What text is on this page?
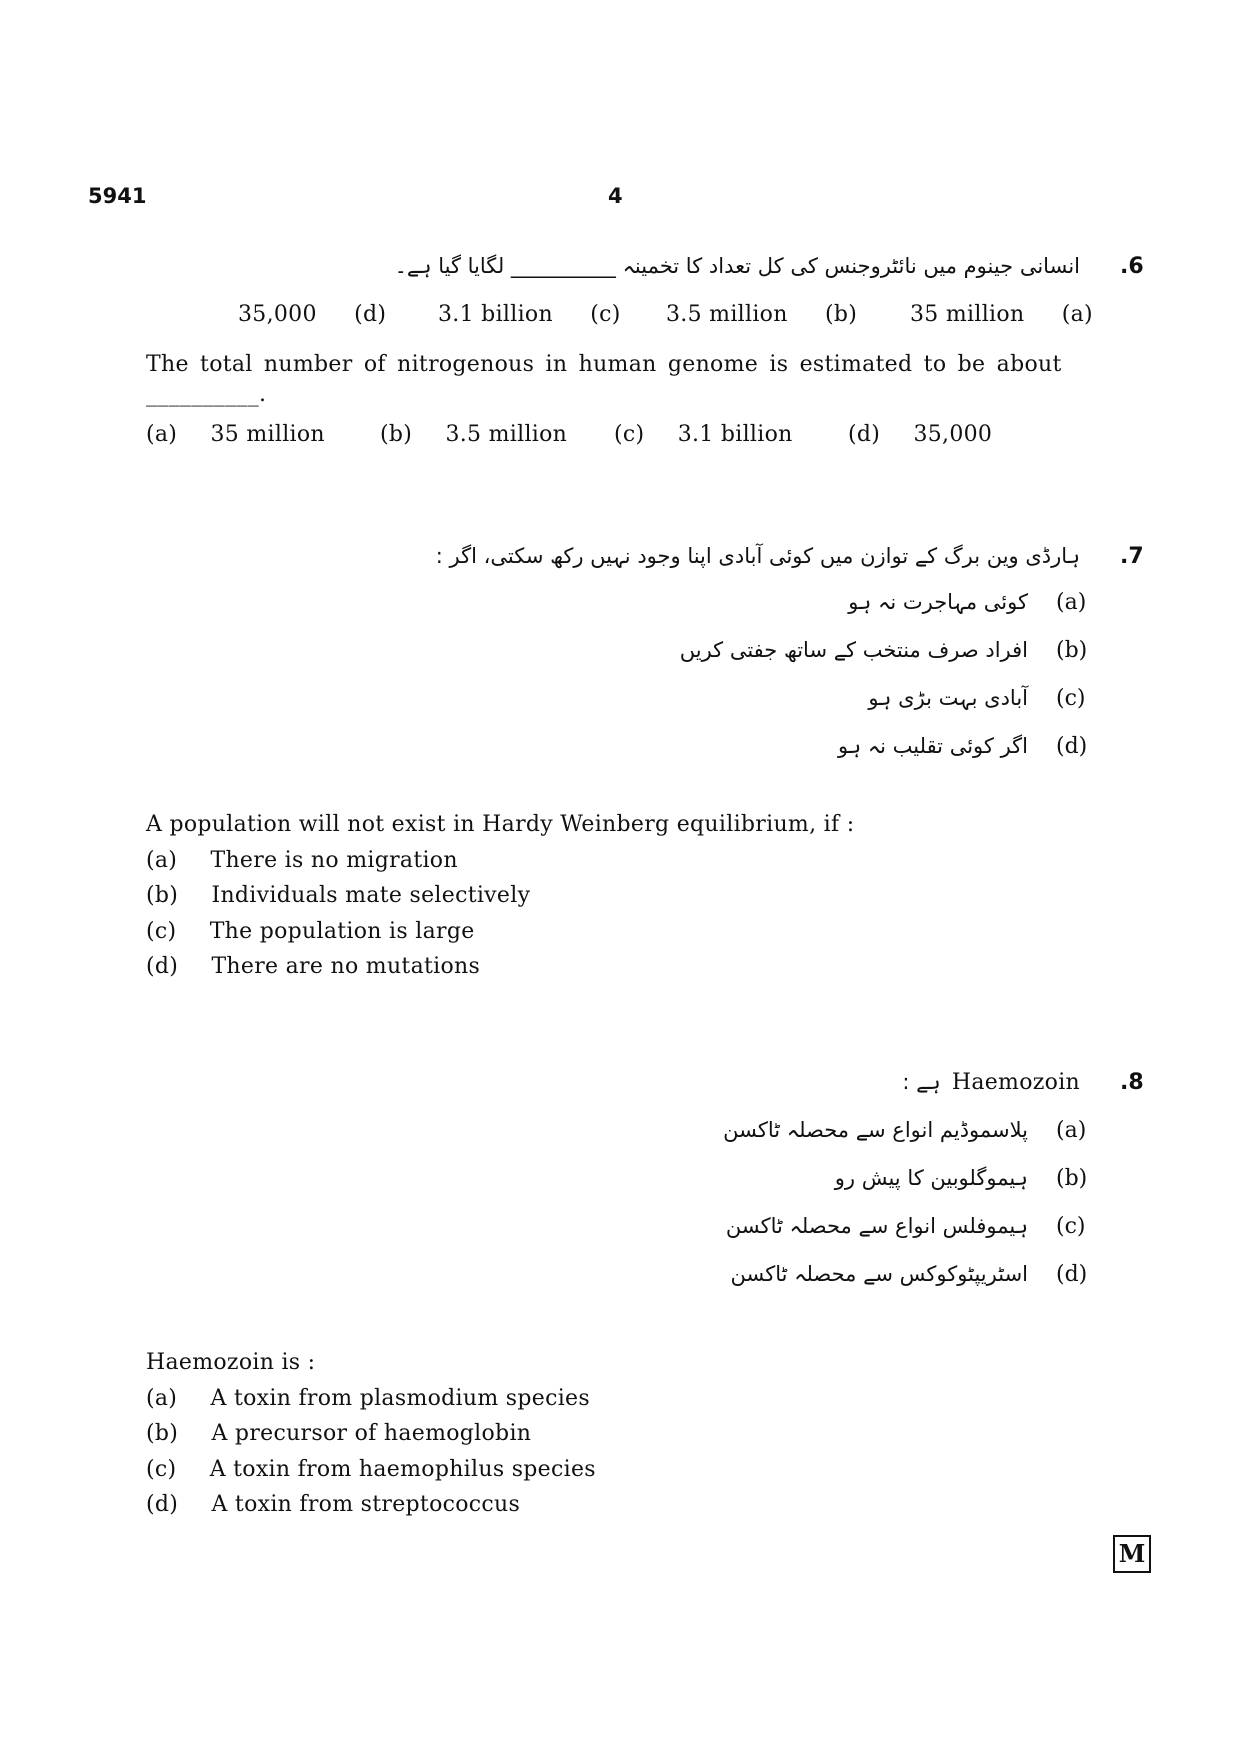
5941	4
.6
انسانی جینوم میں نائٹروجنس کی کل تعداد کا تخمینہ __________ لگایا گیا ہے۔
35 million (a)
3.5 million (b)
3.1 billion (c)
35,000 (d)
The total number of nitrogenous in human genome is estimated to be about
__________.
(a) 35 million	(b) 3.5 million (c) 3.1 billion	(d) 35,000
.7
ہارڈی وین برگ کے توازن میں کوئی آبادی اپنا وجود نہیں رکھ سکتی، اگر :
(a)
کوئی مہاجرت نہ ہو
(b)
افراد صرف منتخب کے ساتھ جفتی کریں
(c)
آبادی بہت بڑی ہو
(d)
اگر کوئی تقلیب نہ ہو
A population will not exist in Hardy Weinberg equilibrium, if :
(a) There is no migration
(b) Individuals mate selectively
(c) The population is large
(d) There are no mutations
.8
: ہے Haemozoin
(a)
پلاسموڈیم انواع سے محصلہ ٹاکسن
(b)
ہیموگلوبین کا پیش رو
(c)
ہیموفلس انواع سے محصلہ ٹاکسن
(d)
اسٹریپٹوکوکس سے محصلہ ٹاکسن
Haemozoin is :
(a) A toxin from plasmodium species
(b) A precursor of haemoglobin
(c) A toxin from haemophilus species
(d) A toxin from streptococcus
M
